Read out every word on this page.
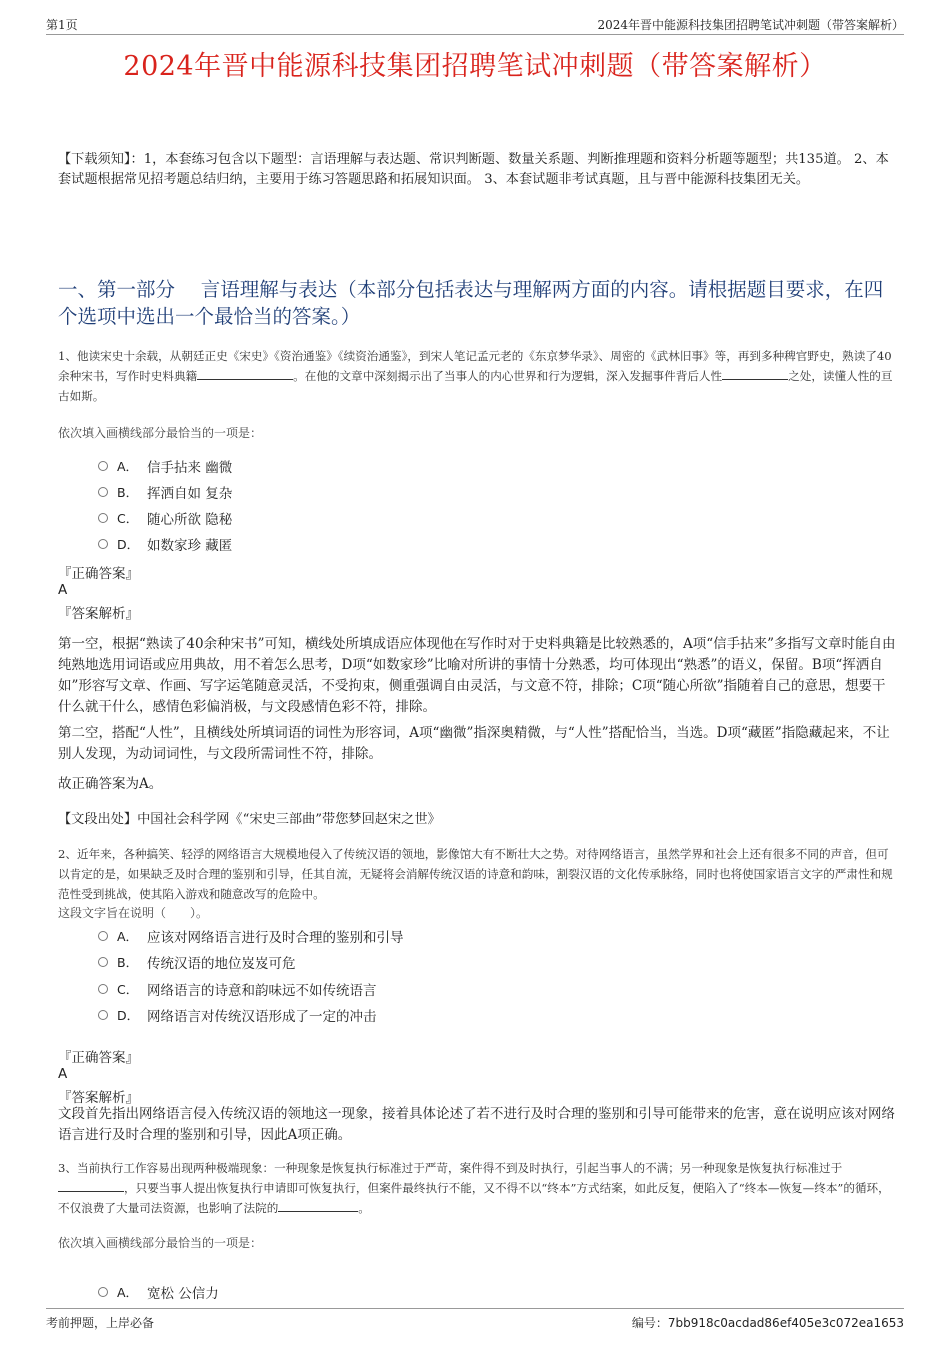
第1页	2024年晋中能源科技集团招聘笔试冲刺题（带答案解析）
2024年晋中能源科技集团招聘笔试冲刺题（带答案解析）
【下载须知】：1，本套练习包含以下题型：言语理解与表达题、常识判断题、数量关系题、判断推理题和资料分析题等题型；共135道。 2、本套试题根据常见招考题总结归纳，主要用于练习答题思路和拓展知识面。 3、本套试题非考试真题，且与晋中能源科技集团无关。
一、第一部分　 言语理解与表达（本部分包括表达与理解两方面的内容。请根据题目要求，在四个选项中选出一个最恰当的答案。）
1、他读宋史十余载，从朝廷正史《宋史》《资治通鉴》《续资治通鉴》，到宋人笔记孟元老的《东京梦华录》、周密的《武林旧事》等，再到多种稗官野史，熟读了40余种宋书，写作时史料典籍	。在他的文章中深刻揭示出了当事人的内心世界和行为逻辑，深入发掘事件背后人性	之处，读懂人性的亘古如斯。
依次填入画横线部分最恰当的一项是：
A． 信手拈来 幽微
B． 挥洒自如 复杂
C． 随心所欲 隐秘
D． 如数家珍 藏匿
『正确答案』
A
『答案解析』
第一空，根据“熟读了40余种宋书”可知，横线处所填成语应体现他在写作时对于史料典籍是比较熟悉的，A项“信手拈来”多指写文章时能自由纯熟地选用词语或应用典故，用不着怎么思考，D项“如数家珍”比喻对所讲的事情十分熟悉，均可体现出“熟悉”的语义，保留。B项“挥洒自如”形容写文章、作画、写字运笔随意灵活，不受拘束，侧重强调自由灵活，与文意不符，排除；C项“随心所欲”指随着自己的意思，想要干什么就干什么，感情色彩偏消极，与文段感情色彩不符，排除。
第二空，搭配“人性”，且横线处所填词语的词性为形容词，A项“幽微”指深奥精微，与“人性”搭配恰当，当选。D项“藏匿”指隐藏起来，不让别人发现，为动词词性，与文段所需词性不符，排除。
故正确答案为A。
【文段出处】中国社会科学网《“宋史三部曲”带您梦回赵宋之世》
2、近年来，各种搞笑、轻浮的网络语言大规模地侵入了传统汉语的领地，影像馆大有不断壮大之势。对待网络语言，虽然学界和社会上还有很多不同的声音，但可以肯定的是，如果缺乏及时合理的鉴别和引导，任其自流，无疑将会消解传统汉语的诗意和韵味，割裂汉语的文化传承脉络，同时也将使国家语言文字的严肃性和规范性受到挑战，使其陷入游戏和随意改写的危险中。
这段文字旨在说明（　　）。
A． 应该对网络语言进行及时合理的鉴别和引导
B． 传统汉语的地位岌岌可危
C． 网络语言的诗意和韵味远不如传统语言
D． 网络语言对传统汉语形成了一定的冲击
『正确答案』
A
『答案解析』
文段首先指出网络语言侵入传统汉语的领地这一现象，接着具体论述了若不进行及时合理的鉴别和引导可能带来的危害，意在说明应该对网络语言进行及时合理的鉴别和引导，因此A项正确。
3、当前执行工作容易出现两种极端现象：一种现象是恢复执行标准过于严苛，案件得不到及时执行，引起当事人的不满；另一种现象是恢复执行标准过于，只要当事人提出恢复执行申请即可恢复执行，但案件最终执行不能，又不得不以“终本”方式结案，如此反复，便陷入了“终本—恢复—终本”的循环，不仅浪费了大量司法资源，也影响了法院的	。
依次填入画横线部分最恰当的一项是：
A． 宽松 公信力
考前押题，上岸必备	编号：7bb918c0acdad86ef405e3c072ea1653
